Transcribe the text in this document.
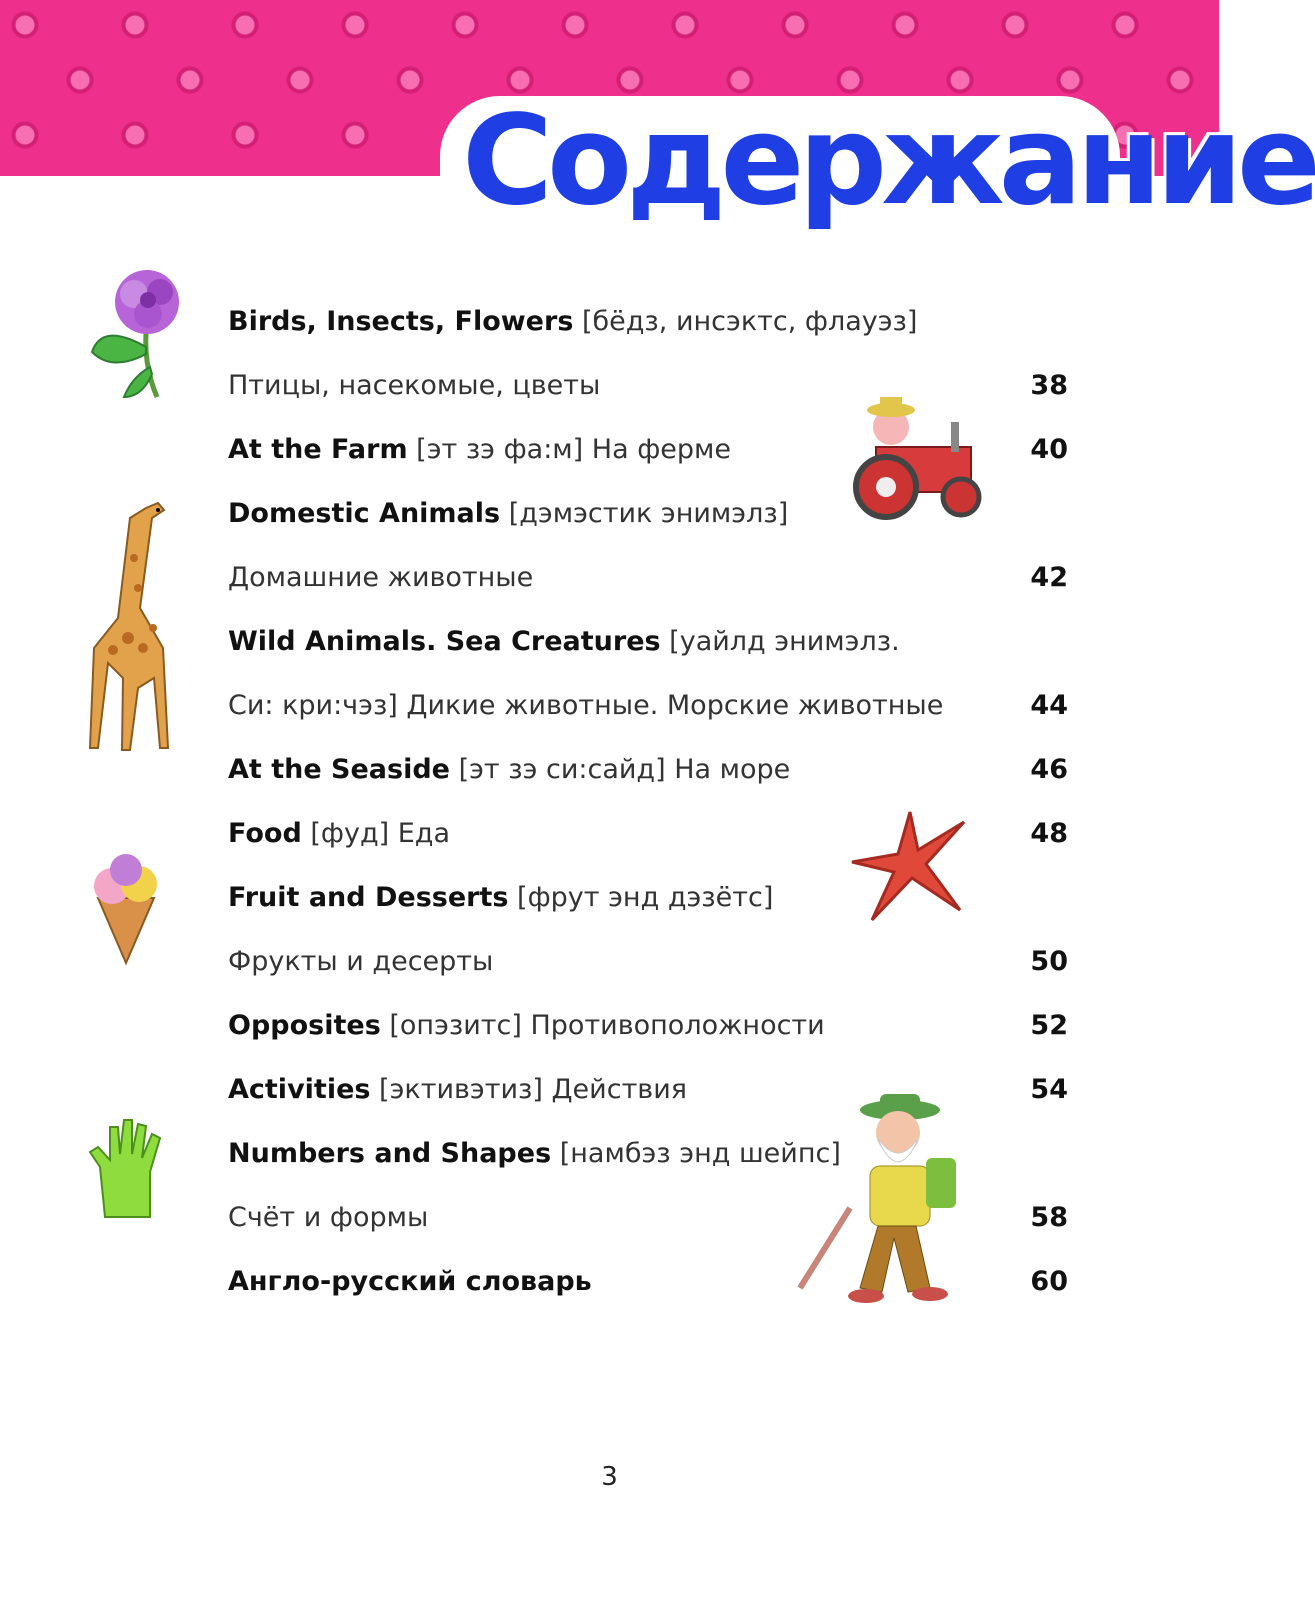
Содержание
Birds, Insects, Flowers [бёдз, инсэктс, флауэз]
Птицы, насекомые, цветы	38
At the Farm [эт зэ фа:м] На ферме	40
Domestic Animals [дэмэстик энимэлз]
Домашние животные	42
Wild Animals. Sea Creatures [уайлд энимэлз.
Си: кри:чэз] Дикие животные. Морские животные	44
At the Seaside [эт зэ си:сайд] На море	46
Food [фуд] Еда	48
Fruit and Desserts [фрут энд дэзётс]
Фрукты и десерты	50
Opposites [опэзитс] Противоположности	52
Activities [эктивэтиз] Действия	54
Numbers and Shapes [намбэз энд шейпс]
Счёт и формы	58
Англо-русский словарь	60
3
